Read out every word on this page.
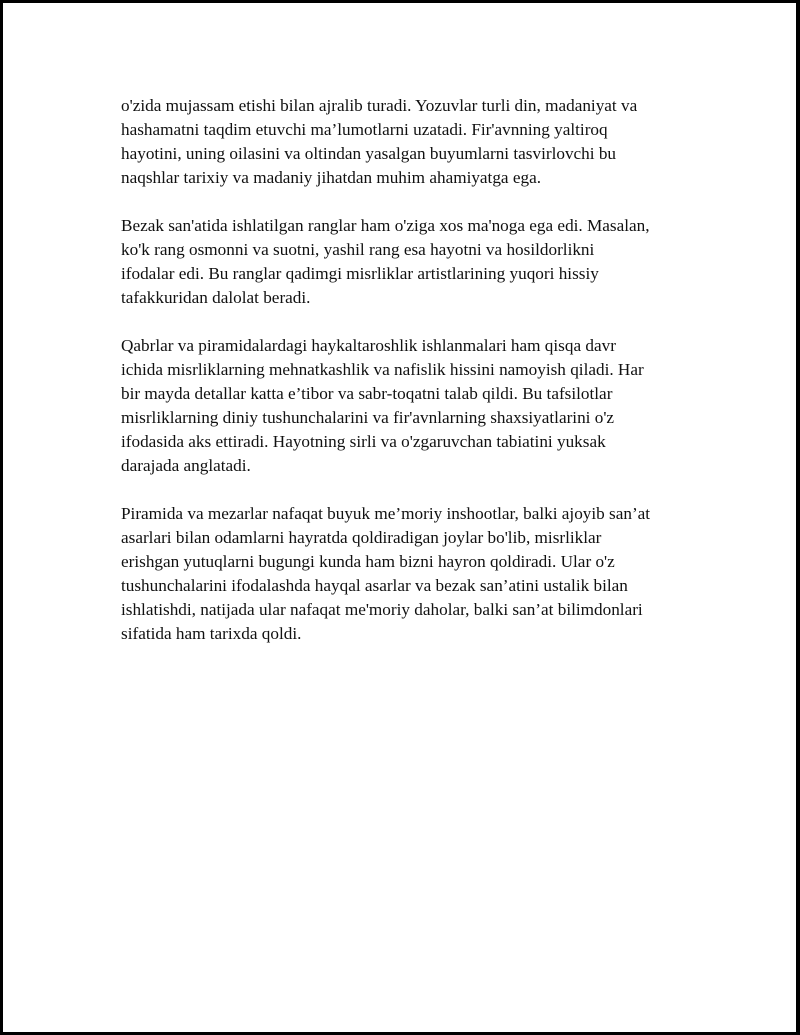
o'zida mujassam etishi bilan ajralib turadi. Yozuvlar turli din, madaniyat va
hashamatni taqdim etuvchi ma’lumotlarni uzatadi. Fir'avnning yaltiroq
hayotini, uning oilasini va oltindan yasalgan buyumlarni tasvirlovchi bu
naqshlar tarixiy va madaniy jihatdan muhim ahamiyatga ega.

Bezak san'atida ishlatilgan ranglar ham o'ziga xos ma'noga ega edi. Masalan,
ko'k rang osmonni va suotni, yashil rang esa hayotni va hosildorlikni
ifodalar edi. Bu ranglar qadimgi misrliklar artistlarining yuqori hissiy
tafakkuridan dalolat beradi.

Qabrlar va piramidalardagi haykaltaroshlik ishlanmalari ham qisqa davr
ichida misrliklarning mehnatkashlik va nafislik hissini namoyish qiladi. Har
bir mayda detallar katta e’tibor va sabr-toqatni talab qildi. Bu tafsilotlar
misrliklarning diniy tushunchalarini va fir'avnlarning shaxsiyatlarini o'z
ifodasida aks ettiradi. Hayotning sirli va o'zgaruvchan tabiatini yuksak
darajada anglatadi.

Piramida va mezarlar nafaqat buyuk me’moriy inshootlar, balki ajoyib san’at
asarlari bilan odamlarni hayratda qoldiradigan joylar bo'lib, misrliklar
erishgan yutuqlarni bugungi kunda ham bizni hayron qoldiradi. Ular o'z
tushunchalarini ifodalashda hayqal asarlar va bezak san’atini ustalik bilan
ishlatishdi, natijada ular nafaqat me'moriy daholar, balki san’at bilimdonlari
sifatida ham tarixda qoldi.
